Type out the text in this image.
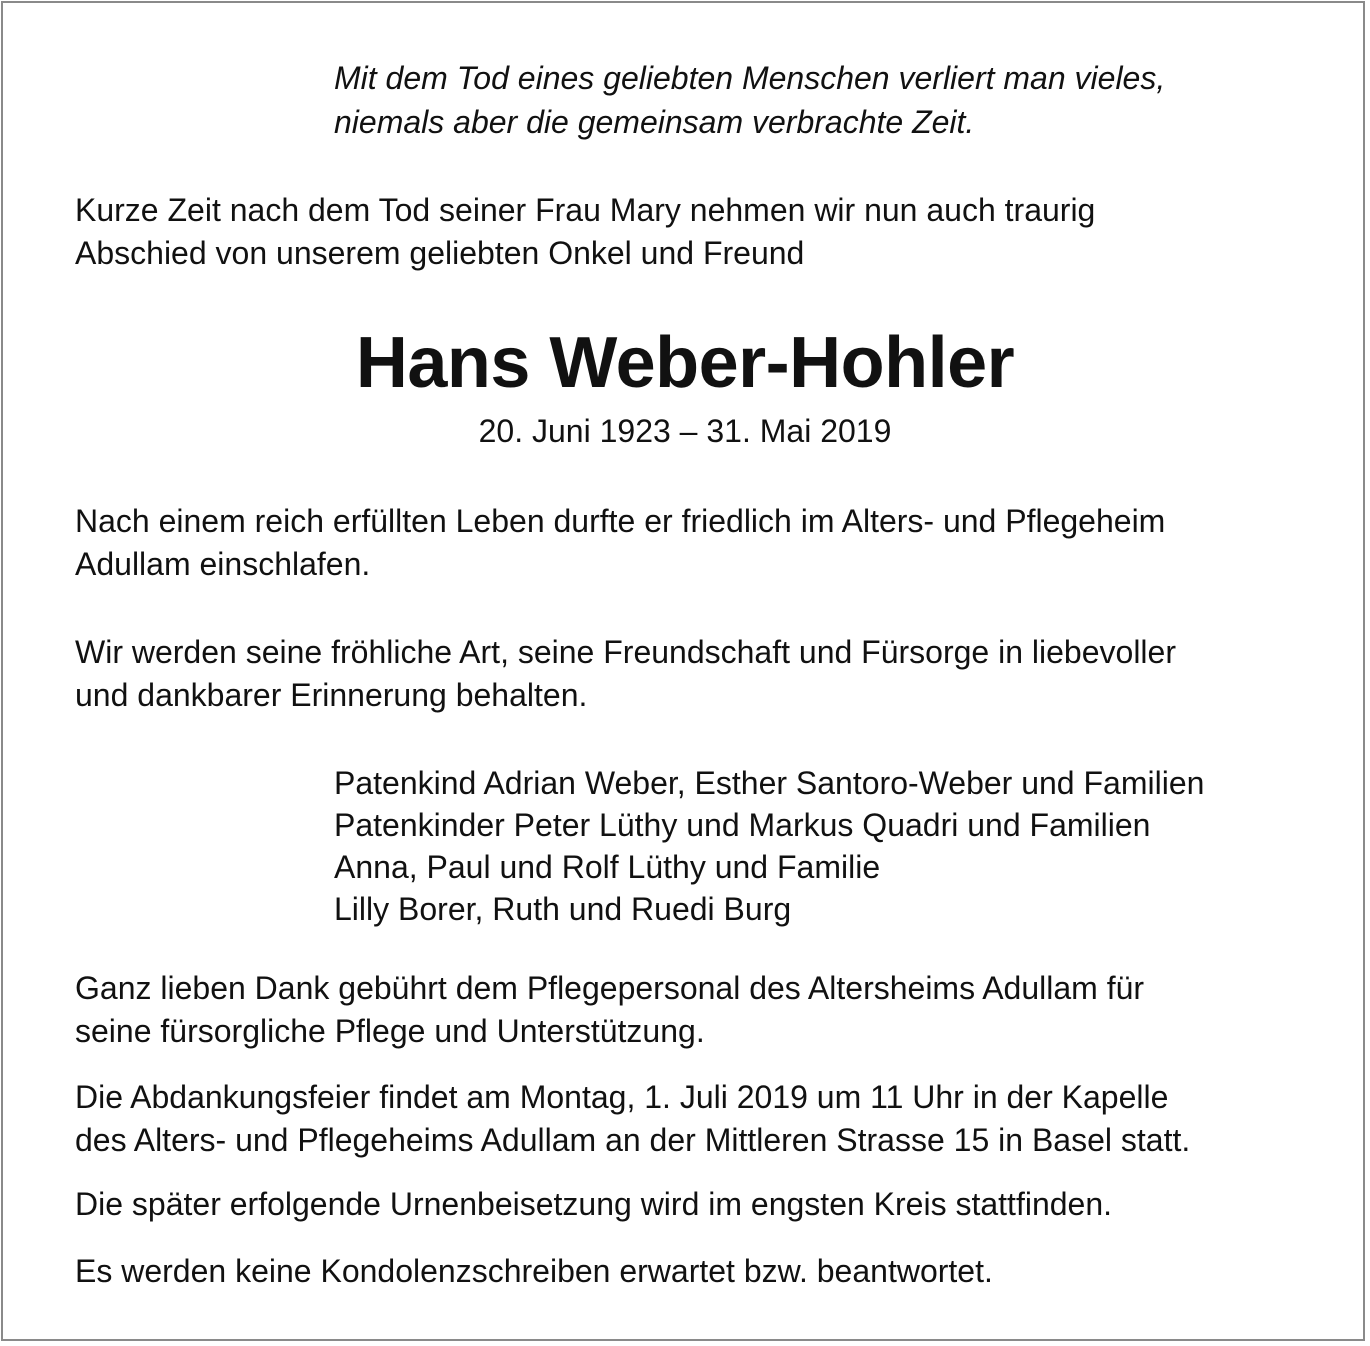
Mit dem Tod eines geliebten Menschen verliert man vieles,
niemals aber die gemeinsam verbrachte Zeit.

Kurze Zeit nach dem Tod seiner Frau Mary nehmen wir nun auch traurig
Abschied von unserem geliebten Onkel und Freund

Hans Weber-Hohler
20. Juni 1923 – 31. Mai 2019

Nach einem reich erfüllten Leben durfte er friedlich im Alters- und Pflegeheim
Adullam einschlafen.

Wir werden seine fröhliche Art, seine Freundschaft und Fürsorge in liebevoller
und dankbarer Erinnerung behalten.

Patenkind Adrian Weber, Esther Santoro-Weber und Familien
Patenkinder Peter Lüthy und Markus Quadri und Familien
Anna, Paul und Rolf Lüthy und Familie
Lilly Borer, Ruth und Ruedi Burg

Ganz lieben Dank gebührt dem Pflegepersonal des Altersheims Adullam für
seine fürsorgliche Pflege und Unterstützung.

Die Abdankungsfeier findet am Montag, 1. Juli 2019 um 11 Uhr in der Kapelle
des Alters- und Pflegeheims Adullam an der Mittleren Strasse 15 in Basel statt.

Die später erfolgende Urnenbeisetzung wird im engsten Kreis stattfinden.

Es werden keine Kondolenzschreiben erwartet bzw. beantwortet.
